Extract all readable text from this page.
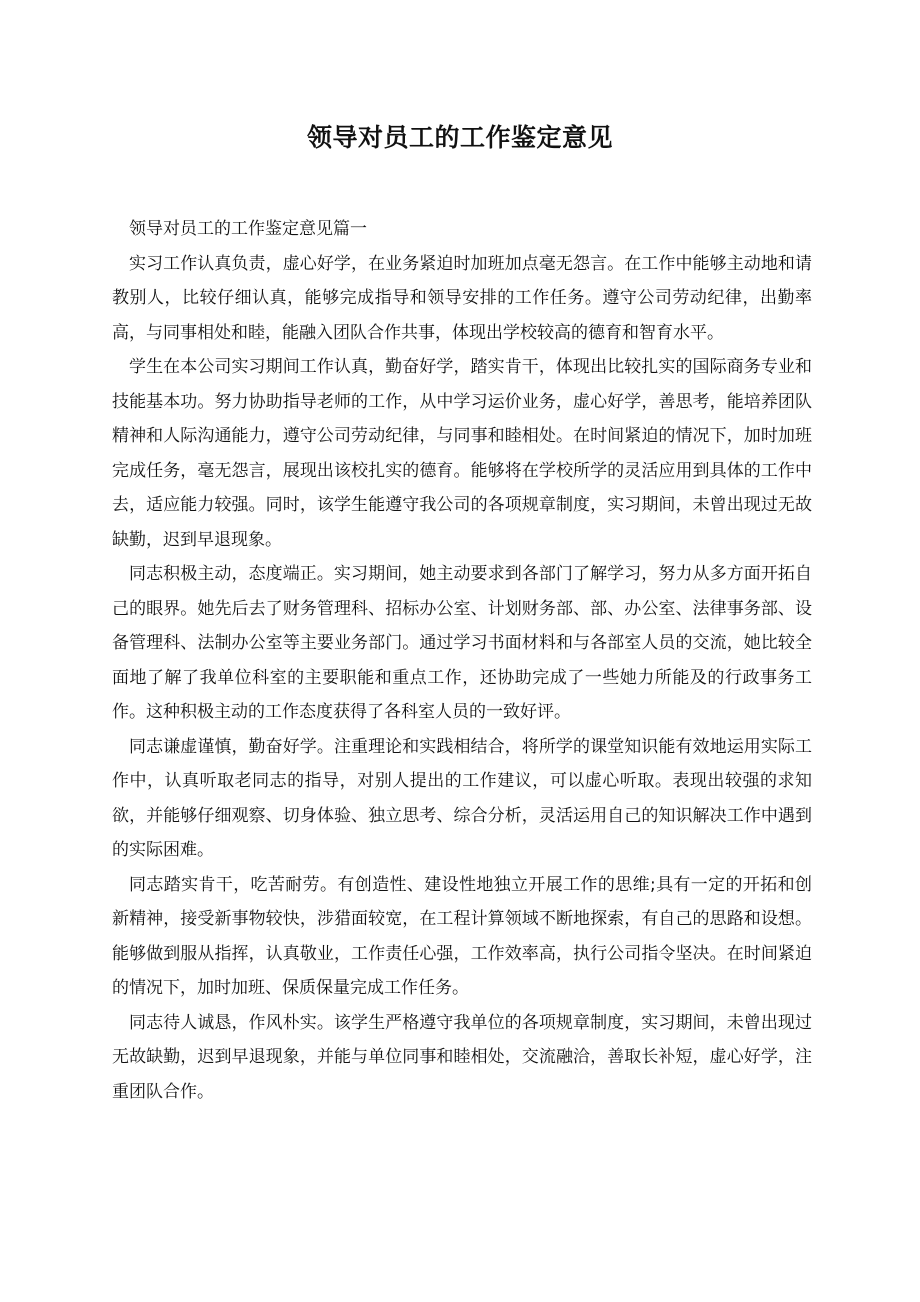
领导对员工的工作鉴定意见

领导对员工的工作鉴定意见篇一

实习工作认真负责，虚心好学，在业务紧迫时加班加点毫无怨言。在工作中能够主动地和请教别人，比较仔细认真，能够完成指导和领导安排的工作任务。遵守公司劳动纪律，出勤率高，与同事相处和睦，能融入团队合作共事，体现出学校较高的德育和智育水平。

学生在本公司实习期间工作认真，勤奋好学，踏实肯干，体现出比较扎实的国际商务专业和技能基本功。努力协助指导老师的工作，从中学习运价业务，虚心好学，善思考，能培养团队精神和人际沟通能力，遵守公司劳动纪律，与同事和睦相处。在时间紧迫的情况下，加时加班完成任务，毫无怨言，展现出该校扎实的德育。能够将在学校所学的灵活应用到具体的工作中去，适应能力较强。同时，该学生能遵守我公司的各项规章制度，实习期间，未曾出现过无故缺勤，迟到早退现象。

同志积极主动，态度端正。实习期间，她主动要求到各部门了解学习，努力从多方面开拓自己的眼界。她先后去了财务管理科、招标办公室、计划财务部、部、办公室、法律事务部、设备管理科、法制办公室等主要业务部门。通过学习书面材料和与各部室人员的交流，她比较全面地了解了我单位科室的主要职能和重点工作，还协助完成了一些她力所能及的行政事务工作。这种积极主动的工作态度获得了各科室人员的一致好评。

同志谦虚谨慎，勤奋好学。注重理论和实践相结合，将所学的课堂知识能有效地运用实际工作中，认真听取老同志的指导，对别人提出的工作建议，可以虚心听取。表现出较强的求知欲，并能够仔细观察、切身体验、独立思考、综合分析，灵活运用自己的知识解决工作中遇到的实际困难。

同志踏实肯干，吃苦耐劳。有创造性、建设性地独立开展工作的思维;具有一定的开拓和创新精神，接受新事物较快，涉猎面较宽，在工程计算领域不断地探索，有自己的思路和设想。能够做到服从指挥，认真敬业，工作责任心强，工作效率高，执行公司指令坚决。在时间紧迫的情况下，加时加班、保质保量完成工作任务。

同志待人诚恳，作风朴实。该学生严格遵守我单位的各项规章制度，实习期间，未曾出现过无故缺勤，迟到早退现象，并能与单位同事和睦相处，交流融洽，善取长补短，虚心好学，注重团队合作。
